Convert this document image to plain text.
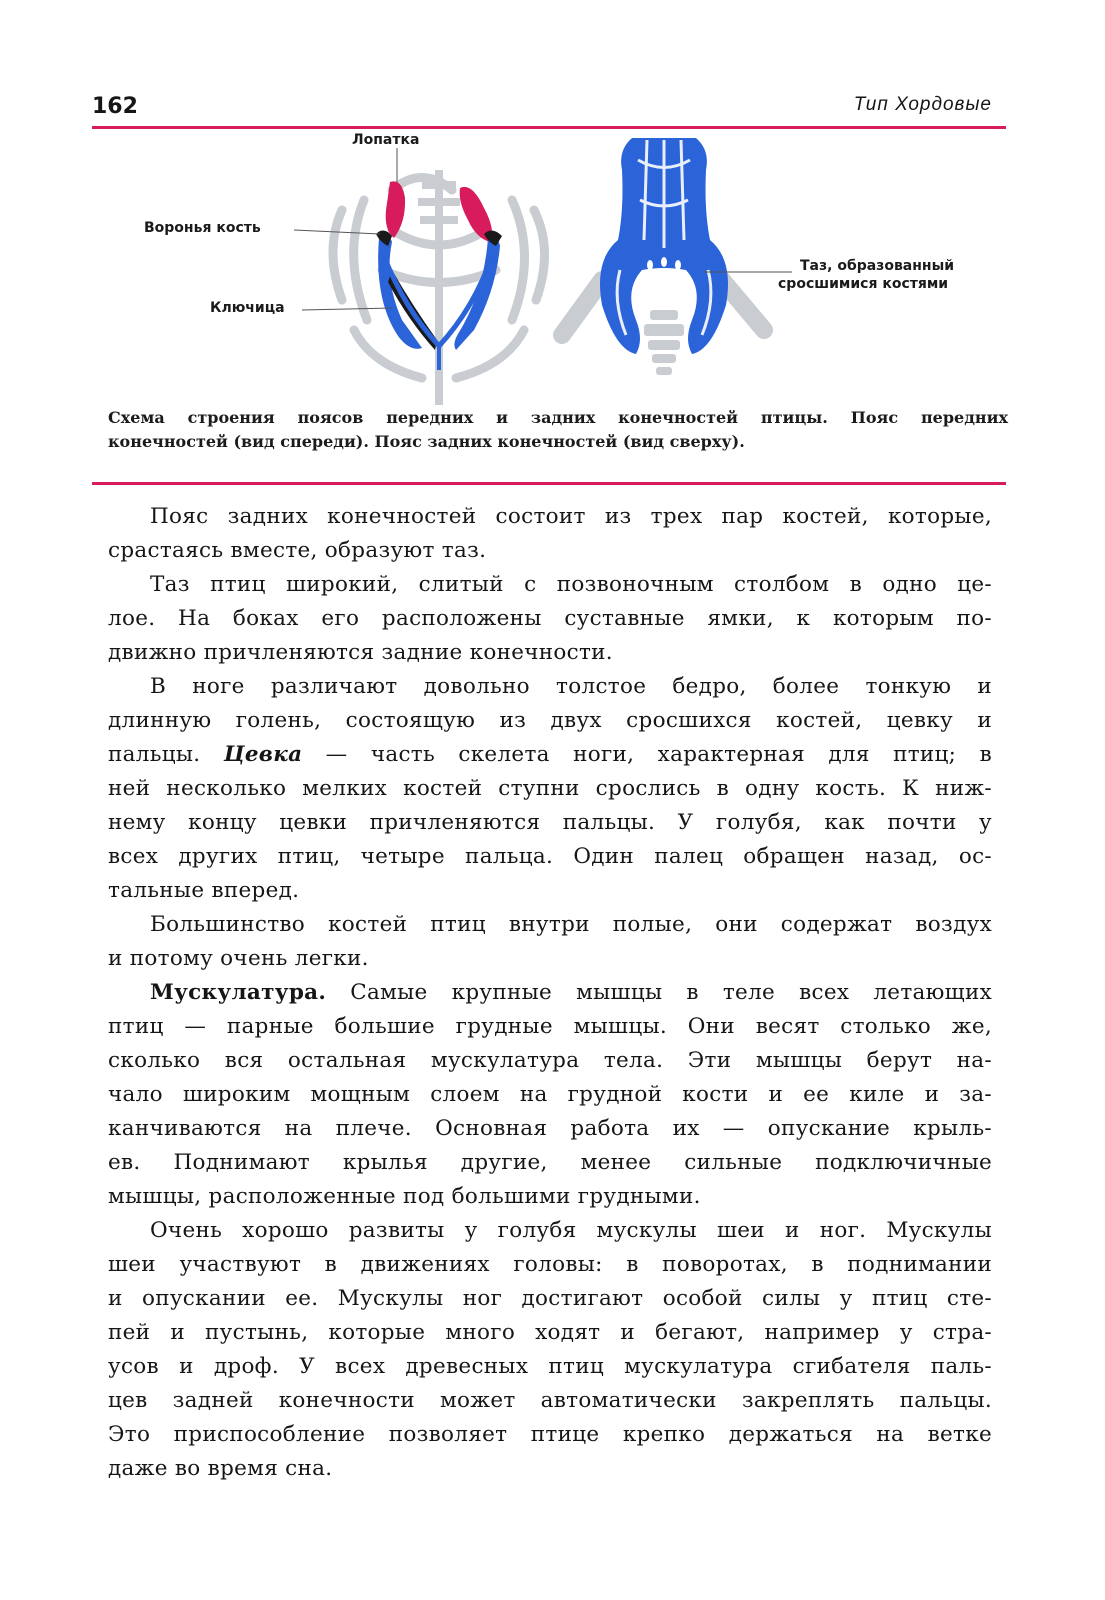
162	Тип Хордовые
Лопатка
Воронья кость
Ключица
Таз, образованный
сросшимися костями
Схема строения поясов передних и задних конечностей птицы. Пояс передних
конечностей (вид спереди). Пояс задних конечностей (вид сверху).

Пояс задних конечностей состоит из трех пар костей, которые,
срастаясь вместе, образуют таз.

Таз птиц широкий, слитый с позвоночным столбом в одно це-
лое. На боках его расположены суставные ямки, к которым по-
движно причленяются задние конечности.

В ноге различают довольно толстое бедро, более тонкую и
длинную голень, состоящую из двух сросшихся костей, цевку и
пальцы. Цевка — часть скелета ноги, характерная для птиц; в
ней несколько мелких костей ступни срослись в одну кость. К ниж-
нему концу цевки причленяются пальцы. У голубя, как почти у
всех других птиц, четыре пальца. Один палец обращен назад, ос-
тальные вперед.

Большинство костей птиц внутри полые, они содержат воздух
и потому очень легки.

Мускулатура. Самые крупные мышцы в теле всех летающих
птиц — парные большие грудные мышцы. Они весят столько же,
сколько вся остальная мускулатура тела. Эти мышцы берут на-
чало широким мощным слоем на грудной кости и ее киле и за-
канчиваются на плече. Основная работа их — опускание крыль-
ев. Поднимают крылья другие, менее сильные подключичные
мышцы, расположенные под большими грудными.

Очень хорошо развиты у голубя мускулы шеи и ног. Мускулы
шеи участвуют в движениях головы: в поворотах, в поднимании
и опускании ее. Мускулы ног достигают особой силы у птиц сте-
пей и пустынь, которые много ходят и бегают, например у стра-
усов и дроф. У всех древесных птиц мускулатура сгибателя паль-
цев задней конечности может автоматически закреплять пальцы.
Это приспособление позволяет птице крепко держаться на ветке
даже во время сна.
